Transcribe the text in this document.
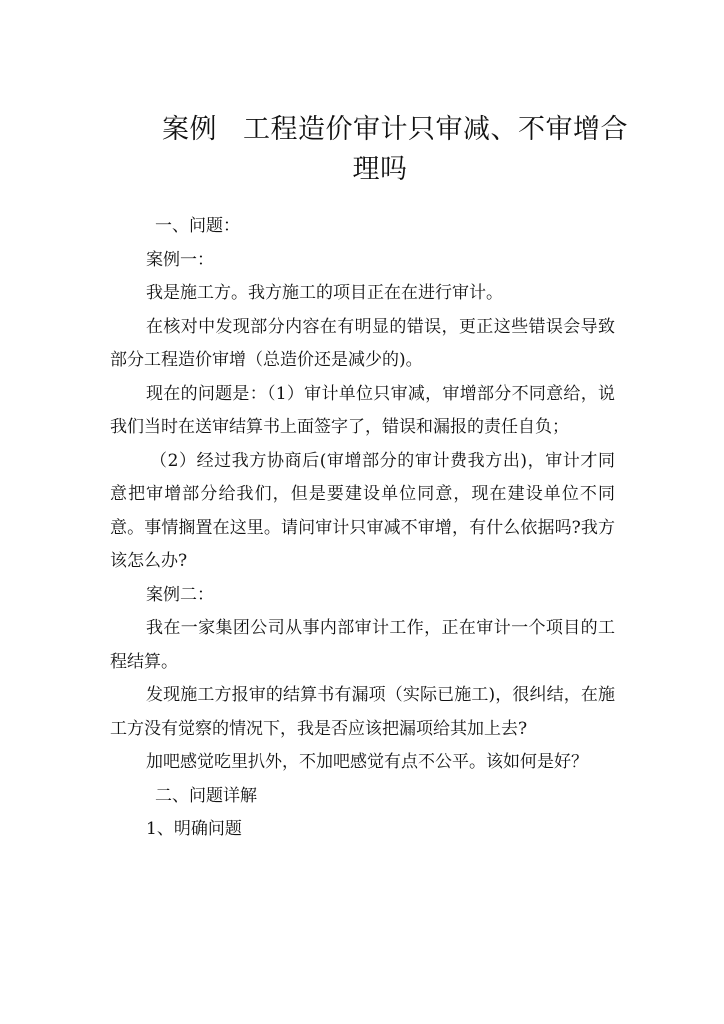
案例 工程造价审计只审减、不审增合
理吗

一、问题：

案例一：

我是施工方。我方施工的项目正在在进行审计。

在核对中发现部分内容在有明显的错误，更正这些错误会导致部分工程造价审增（总造价还是减少的)。

现在的问题是：（1）审计单位只审减，审增部分不同意给，说我们当时在送审结算书上面签字了，错误和漏报的责任自负；

（2）经过我方协商后(审增部分的审计费我方出)，审计才同意把审增部分给我们，但是要建设单位同意，现在建设单位不同意。事情搁置在这里。请问审计只审减不审增，有什么依据吗?我方该怎么办?

案例二：

我在一家集团公司从事内部审计工作，正在审计一个项目的工程结算。

发现施工方报审的结算书有漏项（实际已施工)，很纠结，在施工方没有觉察的情况下，我是否应该把漏项给其加上去?

加吧感觉吃里扒外，不加吧感觉有点不公平。该如何是好？

二、问题详解

1、明确问题
